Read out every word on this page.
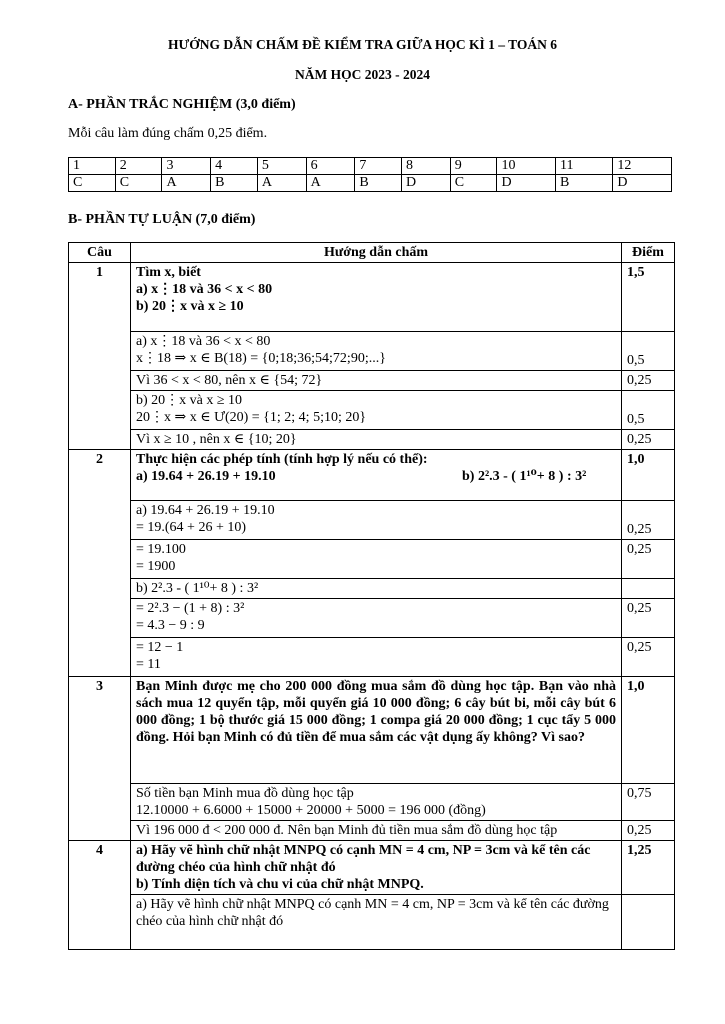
HƯỚNG DẪN CHẤM ĐỀ KIỂM TRA GIỮA HỌC KÌ 1 – TOÁN 6
NĂM HỌC 2023 - 2024
A- PHẦN TRẮC NGHIỆM (3,0 điểm)
Mỗi câu làm đúng chấm 0,25 điểm.
1	2	3	4	5	6	7	8	9	10	11	12
C	C	A	B	A	A	B	D	C	D	B	D
B- PHẦN TỰ LUẬN (7,0 điểm)
Câu	Hướng dẫn chấm	Điểm
1	Tìm x, biết
a) x⋮18 và 36 < x < 80
b) 20⋮x và x ≥ 10	1,5

	a) x⋮18 và 36 < x < 80
x⋮18 ⇒ x ∈ B(18) = {0;18;36;54;72;90;...}	0,5
	Vì 36 < x < 80, nên x ∈ {54; 72}	0,25

	b) 20⋮x và x ≥ 10
20⋮x ⇒ x ∈ Ư(20) = {1; 2; 4; 5;10; 20}	0,5
	Vì x ≥ 10 , nên x ∈ {10; 20}	0,25
2	Thực hiện các phép tính (tính hợp lý nếu có thể):
a) 19.64 + 26.19 + 19.10 b) 2².3 - ( 1¹⁰+ 8 ) : 3²	1,0

	a) 19.64 + 26.19 + 19.10
= 19.(64 + 26 + 10)	0,25

	= 19.100
= 1900	0,25
	b) 2².3 - ( 1¹⁰+ 8 ) : 3²	

	= 2².3 − (1 + 8) : 3²
= 4.3 − 9 : 9	0,25

	= 12 − 1
= 11	0,25
3	Bạn Minh được mẹ cho 200 000 đồng mua sắm đồ dùng học tập. Bạn vào nhà sách mua 12 quyển tập, mỗi quyển giá 10 000 đồng; 6 cây bút bi, mỗi cây bút 6 000 đồng; 1 bộ thước giá 15 000 đồng; 1 compa giá 20 000 đồng; 1 cục tẩy 5 000 đồng. Hỏi bạn Minh có đủ tiền để mua sắm các vật dụng ấy không? Vì sao?	1,0

	Số tiền bạn Minh mua đồ dùng học tập
12.10000 + 6.6000 + 15000 + 20000 + 5000 = 196 000 (đồng)	0,75
	Vì 196 000 đ < 200 000 đ. Nên bạn Minh đủ tiền mua sắm đồ dùng học tập	0,25
4	a) Hãy vẽ hình chữ nhật MNPQ có cạnh MN = 4 cm, NP = 3cm và kể tên các đường chéo của hình chữ nhật đó
b) Tính diện tích và chu vi của chữ nhật MNPQ.	1,25
	a) Hãy vẽ hình chữ nhật MNPQ có cạnh MN = 4 cm, NP = 3cm và kể tên các đường chéo của hình chữ nhật đó	
